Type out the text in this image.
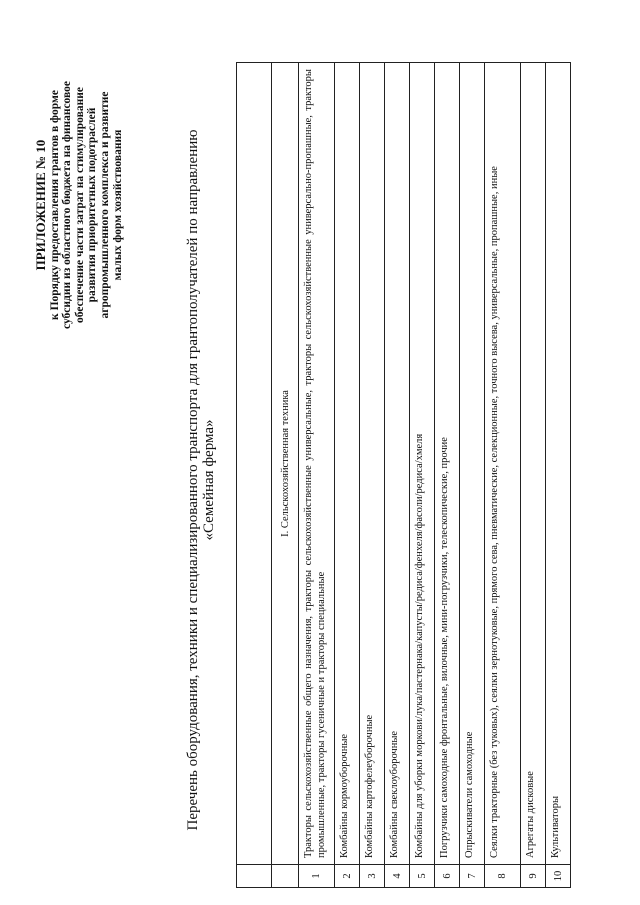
ПРИЛОЖЕНИЕ № 10 к Порядку предоставления грантов в форме субсидии из областного бюджета на финансовое обеспечение части затрат на стимулирование развития приоритетных подотраслей агропромышленного комплекса и развитие малых форм хозяйствования	Перечень оборудования, техники и специализированного транспорта для грантополучателей по направлению «Семейная ферма»

		I. Сельскохозяйственная техника
1	Тракторы сельскохозяйственные общего назначения, тракторы сельскохозяйственные универсальные, тракторы сельскохозяйственные универсально-пропашные, тракторы промышленные, тракторы гусеничные и тракторы специальные
2	Комбайны кормоуборочные
3	Комбайны картофелеуборочные
4	Комбайны свеклоуборочные
5	Комбайны для уборки моркови/лука/пастернака/капусты/редиса/фенхеля/фасоли/редиса/хмеля
6	Погрузчики самоходные фронтальные, вилочные, мини-погрузчики, телескопические, прочие
7	Опрыскиватели самоходные
8	Сеялки тракторные (без туковых), сеялки зернотуковые, прямого сева, пневматические, селекционные, точного высева, универсальные, пропашные, иные
9	Агрегаты дисковые
10	Культиваторы
